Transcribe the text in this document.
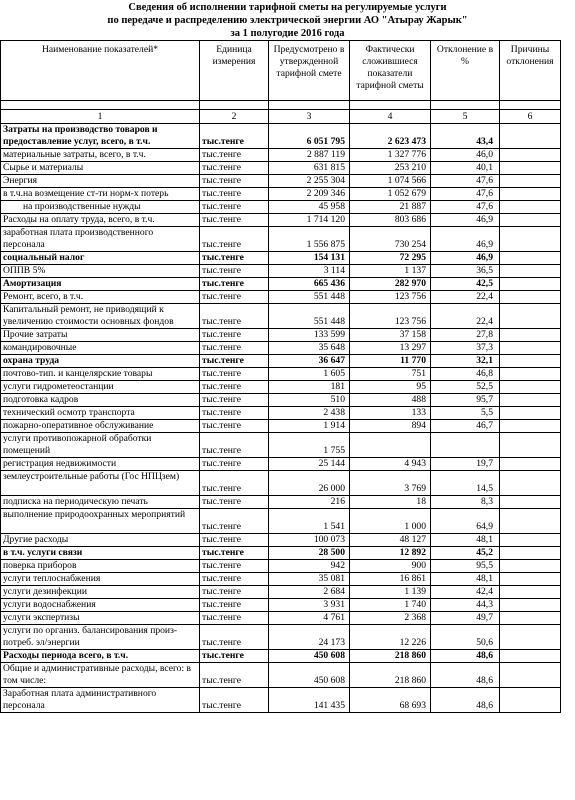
Сведения об исполнении тарифной сметы на регулируемые услуги
по передаче и распределению электрической энергии АО "Атырау Жарык"
за 1 полугодие 2016 года
Наименование показателей*	Единица измерения	Предусмотрено в утвержденной тарифной смете	Фактически сложившиеся показатели тарифной сметы	Отклонение в %	Причины отклонения

1	2	3	4	5	6
Затраты на производство товаров и предоставление услуг, всего, в т.ч.	тыс.тенге	6 051 795	2 623 473	43,4	
материальные затраты, всего, в т.ч.	тыс.тенге	2 887 119	1 327 776	46,0	
Сырье и материалы	тыс.тенге	631 815	253 210	40,1	
Энергия	тыс.тенге	2 255 304	1 074 566	47,6	
в т.ч.на возмещение ст-ти норм-х потерь	тыс.тенге	2 209 346	1 052 679	47,6	
на производственные нужды	тыс.тенге	45 958	21 887	47,6	
Расходы на оплату труда, всего, в т.ч.	тыс.тенге	1 714 120	803 686	46,9	
заработная плата производственного персонала	тыс.тенге	1 556 875	730 254	46,9	
социальный налог	тыс.тенге	154 131	72 295	46,9	
ОППВ 5%	тыс.тенге	3 114	1 137	36,5	
Амортизация	тыс.тенге	665 436	282 970	42,5	
Ремонт, всего, в т.ч.	тыс.тенге	551 448	123 756	22,4	
Капитальный ремонт, не приводящий к увеличению стоимости основных фондов	тыс.тенге	551 448	123 756	22,4	
Прочие затраты	тыс.тенге	133 599	37 158	27,8	
командировочные	тыс.тенге	35 648	13 297	37,3	
охрана труда	тыс.тенге	36 647	11 770	32,1	
почтово-тип. и канцелярские товары	тыс.тенге	1 605	751	46,8	
услуги гидрометеостанции	тыс.тенге	181	95	52,5	
подготовка кадров	тыс.тенге	510	488	95,7	
технический осмотр транспорта	тыс.тенге	2 438	133	5,5	
пожарно-оперативное обслуживание	тыс.тенге	1 914	894	46,7	
услуги противопожарной обработки помещений	тыс.тенге	1 755			
регистрация недвижимости	тыс.тенге	25 144	4 943	19,7	
землеустроительные работы (Гос НПЦзем)	тыс.тенге	26 000	3 769	14,5	
подписка на периодическую печать	тыс.тенге	216	18	8,3	
выполнение природоохранных мероприятий	тыс.тенге	1 541	1 000	64,9	
Другие расходы	тыс.тенге	100 073	48 127	48,1	
в т.ч. услуги связи	тыс.тенге	28 500	12 892	45,2	
поверка приборов	тыс.тенге	942	900	95,5	
услуги теплоснабжения	тыс.тенге	35 081	16 861	48,1	
услуги дезинфекции	тыс.тенге	2 684	1 139	42,4	
услуги водоснабжения	тыс.тенге	3 931	1 740	44,3	
услуги экспертизы	тыс.тенге	4 761	2 368	49,7	
услуги по организ. балансирования произ-потреб. эл/энергии	тыс.тенге	24 173	12 226	50,6	
Расходы периода всего, в т.ч.	тыс.тенге	450 608	218 860	48,6	
Общие и административные расходы, всего: в том числе:	тыс.тенге	450 608	218 860	48,6	
Заработная плата административного персонала	тыс.тенге	141 435	68 693	48,6	
